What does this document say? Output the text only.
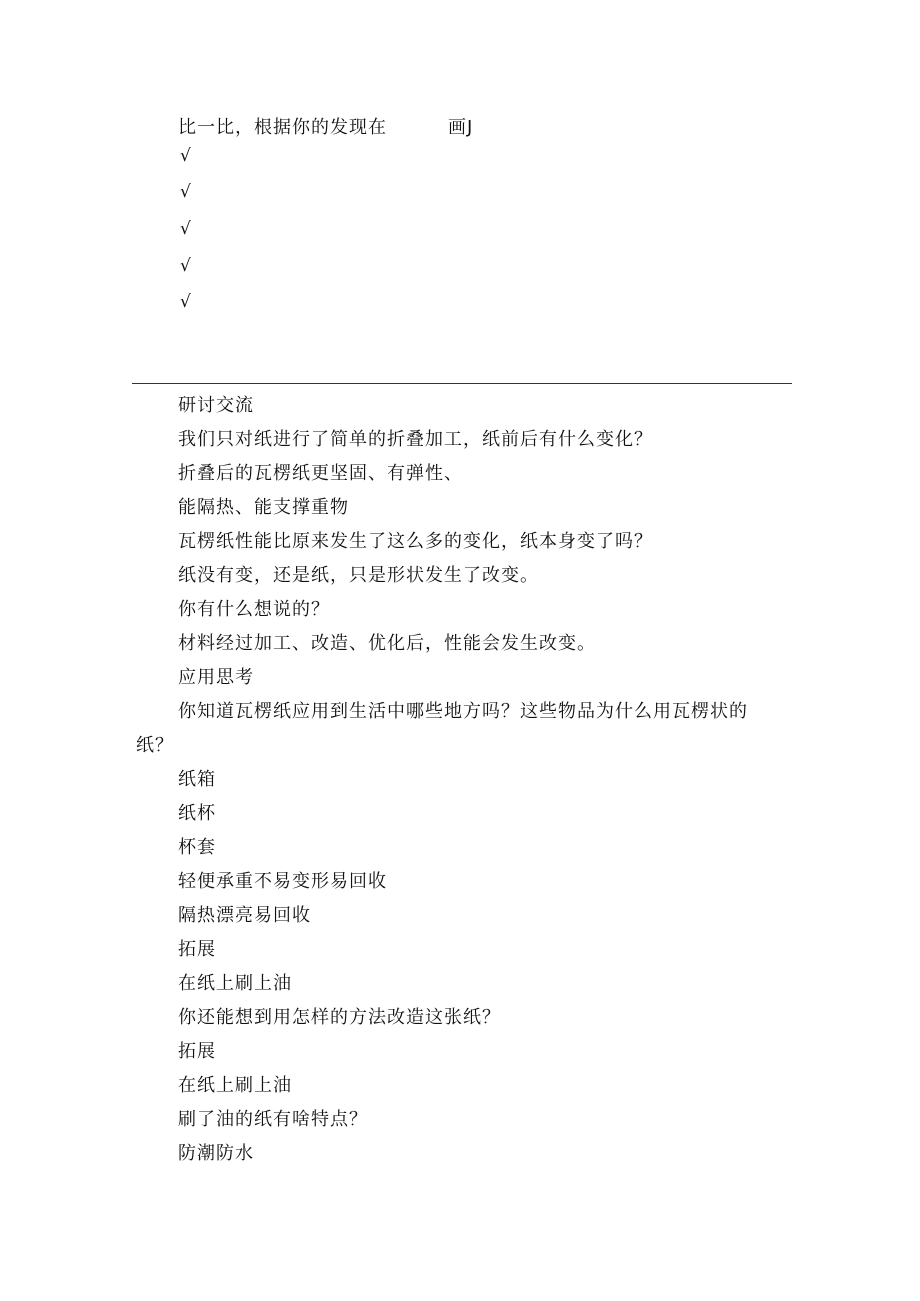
比一比，根据你的发现在	画J
√
√
√
√
√
研讨交流
我们只对纸进行了简单的折叠加工，纸前后有什么变化？
折叠后的瓦楞纸更坚固、有弹性、
能隔热、能支撑重物
瓦楞纸性能比原来发生了这么多的变化，纸本身变了吗？
纸没有变，还是纸，只是形状发生了改变。
你有什么想说的？
材料经过加工、改造、优化后，性能会发生改变。
应用思考
你知道瓦楞纸应用到生活中哪些地方吗？这些物品为什么用瓦楞状的
纸？
纸箱
纸杯
杯套
轻便承重不易变形易回收
隔热漂亮易回收
拓展
在纸上刷上油
你还能想到用怎样的方法改造这张纸？
拓展
在纸上刷上油
刷了油的纸有啥特点？
防潮防水
